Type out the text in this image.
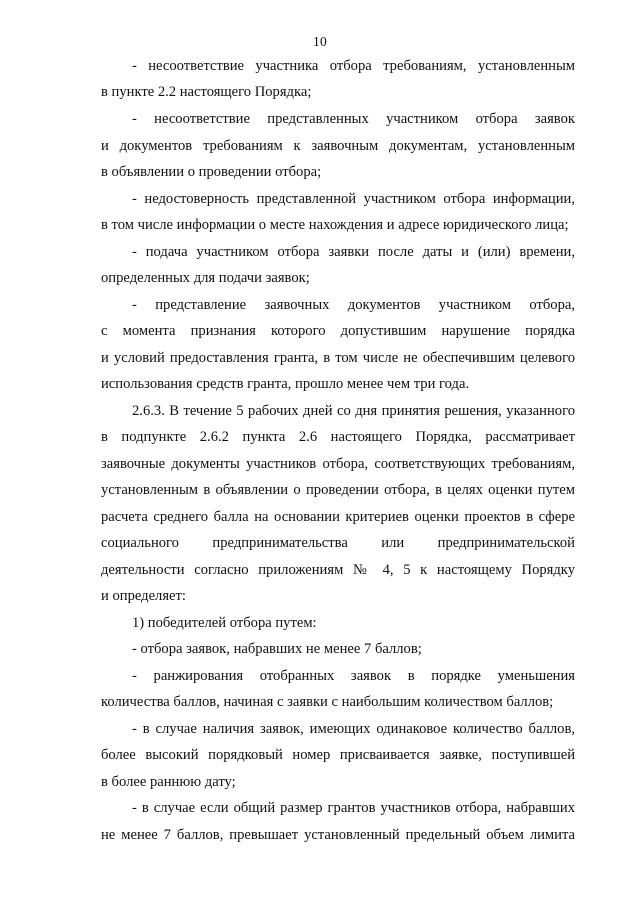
10
- несоответствие участника отбора требованиям, установленным
в пункте 2.2 настоящего Порядка;
- несоответствие представленных участником отбора заявок
и документов требованиям к заявочным документам, установленным
в объявлении о проведении отбора;
- недостоверность представленной участником отбора информации,
в том числе информации о месте нахождения и адресе юридического лица;
- подача участником отбора заявки после даты и (или) времени,
определенных для подачи заявок;
- представление заявочных документов участником отбора,
с момента признания которого допустившим нарушение порядка
и условий предоставления гранта, в том числе не обеспечившим целевого
использования средств гранта, прошло менее чем три года.
2.6.3. В течение 5 рабочих дней со дня принятия решения, указанного
в подпункте 2.6.2 пункта 2.6 настоящего Порядка, рассматривает
заявочные документы участников отбора, соответствующих требованиям,
установленным в объявлении о проведении отбора, в целях оценки путем
расчета среднего балла на основании критериев оценки проектов в сфере
социального предпринимательства или предпринимательской
деятельности согласно приложениям № 4, 5 к настоящему Порядку
и определяет:
1) победителей отбора путем:
- отбора заявок, набравших не менее 7 баллов;
- ранжирования отобранных заявок в порядке уменьшения
количества баллов, начиная с заявки с наибольшим количеством баллов;
- в случае наличия заявок, имеющих одинаковое количество баллов,
более высокий порядковый номер присваивается заявке, поступившей
в более раннюю дату;
- в случае если общий размер грантов участников отбора, набравших
не менее 7 баллов, превышает установленный предельный объем лимита
